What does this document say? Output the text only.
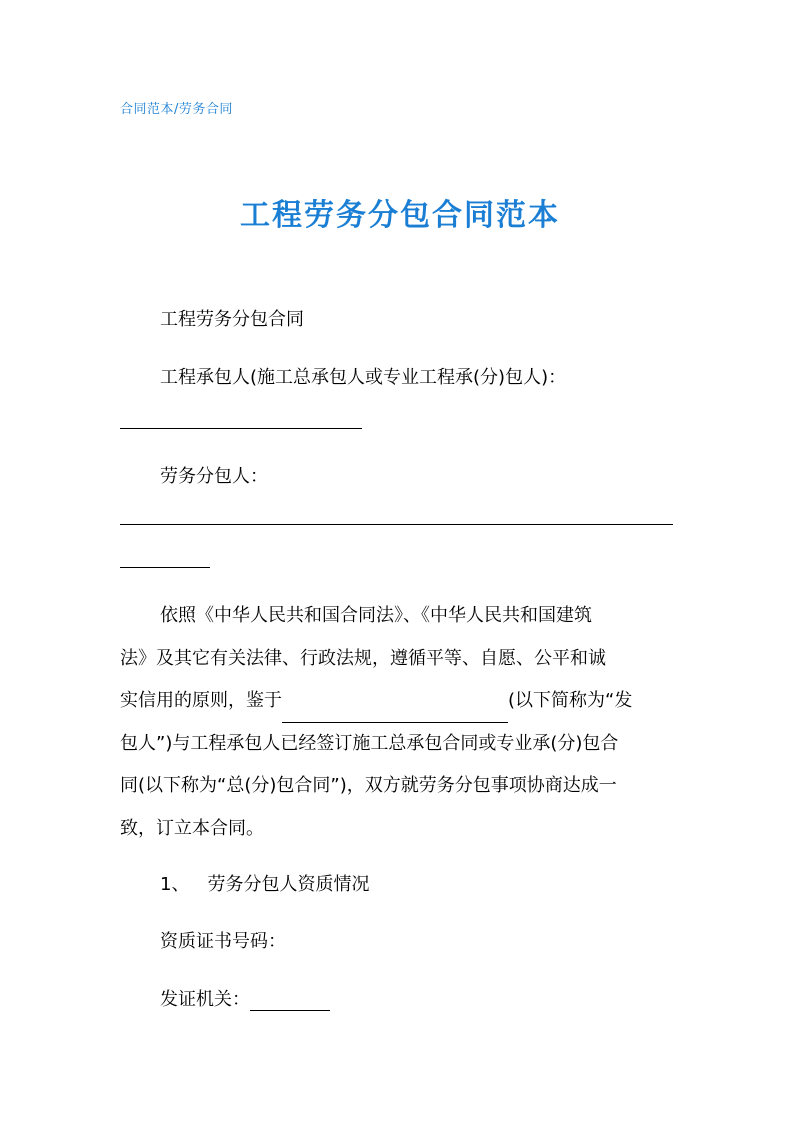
合同范本/劳务合同
工程劳务分包合同范本
工程劳务分包合同
工程承包人(施工总承包人或专业工程承(分)包人)：
劳务分包人：
依照《中华人民共和国合同法》、《中华人民共和国建筑
法》及其它有关法律、行政法规，遵循平等、自愿、公平和诚
实信用的原则，鉴于	(以下简称为“发
包人”)与工程承包人已经签订施工总承包合同或专业承(分)包合
同(以下称为“总(分)包合同”)，双方就劳务分包事项协商达成一
致，订立本合同。
1、 劳务分包人资质情况
资质证书号码：
发证机关：
